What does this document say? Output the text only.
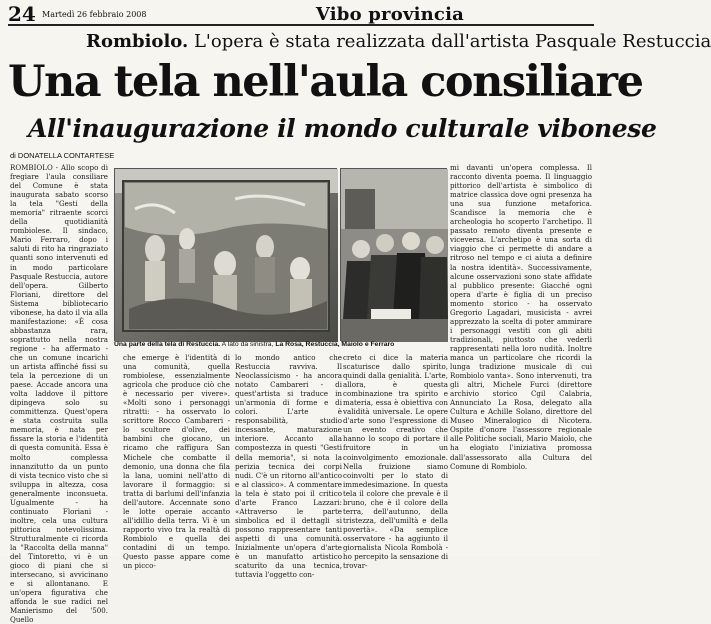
24 Martedì 26 febbraio 2008	Vibo provincia
Rombiolo. L'opera è stata realizzata dall'artista Pasquale Restuccia
Una tela nell'aula consiliare
All'inaugurazione il mondo culturale vibonese
di DONATELLA CONTARTESE
Una parte della tela di Restuccia. A lato da sinistra, La Rosa, Restuccia, Maiolo e Ferraro

ROMBIOLO - Allo scopo di fregiare l'aula consiliare del Comune è stata inaugurata sabato scorso la tela "Gesti della memoria" ritraente scorci della quotidianità rombiolese. Il sindaco, Mario Ferraro, dopo i saluti di rito ha ringraziato quanti sono intervenuti ed in modo particolare Pasquale Restuccia, autore dell'opera. Gilberto Floriani, direttore del Sistema bibliotecario vibonese, ha dato il via alla manifestazione: «È cosa abbastanza rara, soprattutto nella nostra regione - ha affermato - che un comune incarichi un artista affinché fissi su tela la percezione di un paese. Accade ancora una volta laddove il pittore dipingeva solo su committenza. Quest'opera è stata costruita sulla memoria, è nata per fissare la storia e l'identità di questa comunità. Essa è molto complessa innanzitutto da un punto di vista tecnico visto che si sviluppa in altezza, cosa generalmente inconsueta. Ugualmente - ha continuato Floriani - inoltre, cela una cultura pittorica notevolissima. Strutturalmente ci ricorda la "Raccolta della manna" del Tintoretto, vi è un gioco di piani che si intersecano, si avvicinano e si allontanano. E un'opera figurativa che affonda le sue radici nel Manierismo del '500. Quello

che emerge è l'identità di una comunità, quella rombiolese, essenzialmente agricola che produce ciò che è necessario per vivere». «Molti sono i personaggi ritratti: - ha osservato lo scrittore Rocco Cambareri - lo scultore d'olive, dei bambini che giocano, un ricamo che raffigura San Michele che combatte il demonio, una donna che fila la lana, uomini nell'atto di lavorare il formaggio: si tratta di barlumi dell'infanzia dell'autore. Accennate sono le lotte operaie accanto all'idillio della terra. Vi è un rapporto vivo tra la realtà di Rombiolo e quella dei contadini di un tempo. Questo passe appare come un picco-

lo mondo antico che Restuccia ravviva. Il Neoclassicismo - ha ancora notato Cambareri - di quest'artista si traduce in un'armonia di forme e di colori. L'arte è responsabilità, studio incessante, maturazione interiore. Accanto alla compostezza in questi "Gesti della memoria", si nota la perizia tecnica dei corpi nudi. C'è un ritorno all'antico e al classico». A commentare la tela è stato poi il critico d'arte Franco Lazzari: «Attraverso le parte simbolica ed il dettagli si possono rappresentare tanti aspetti di una comunità. Inizialmente un'opera d'arte è un manufatto artistico scaturito da una tecnica, tuttavia l'oggetto con-

creto ci dice la materia scaturisce dallo spirito, quindi dalla genialità. L'arte, allora, è questa combinazione tra spirito e materia, essa è obiettiva con validità universale. Le opere d'arte sono l'espressione di un evento creativo che hanno lo scopo di portare il fruitore in un coinvolgimento emozionale. Nella fruizione siamo coinvolti per lo stato di immedesimazione. In questa tela il colore che prevale è il bruno, che è il colore della terra, dell'autunno, della tristezza, dell'umiltà e della povertà». «Da semplice osservatore - ha aggiunto il giornalista Nicola Rombolà - ho percepito la sensazione di trovar-

mi davanti un'opera complessa. Il racconto diventa poema. Il linguaggio pittorico dell'artista è simbolico di matrice classica dove ogni presenza ha una sua funzione metaforica. Scandisce la memoria che è archeologia ho scoperto l'archetipo. Il passato remoto diventa presente e viceversa. L'archetipo è una sorta di viaggio che ci permette di andare a ritroso nel tempo e ci aiuta a definire la nostra identità». Successivamente, alcune osservazioni sono state affidate al pubblico presente: Giacché ogni opera d'arte è figlia di un preciso momento storico - ha osservato Gregorio Lagadari, musicista - avrei apprezzato la scelta di poter ammirare i personaggi vestiti con gli abiti tradizionali, piuttosto che vederli rappresentati nella loro nudità. Inoltre manca un particolare che ricordi la lunga tradizione musicale di cui Rombiolo vanta». Sono intervenuti, tra gli altri, Michele Furci (direttore archivio storico Cgil Calabria, Annunciato La Rosa, delegato alla Cultura e Achille Solano, direttore del Museo Mineralogico di Nicotera. Ospite d'onore l'assessore regionale alle Politiche sociali, Mario Maiolo, che ha elogiato l'iniziativa promossa dall'assessorato alla Cultura del Comune di Rombiolo.
